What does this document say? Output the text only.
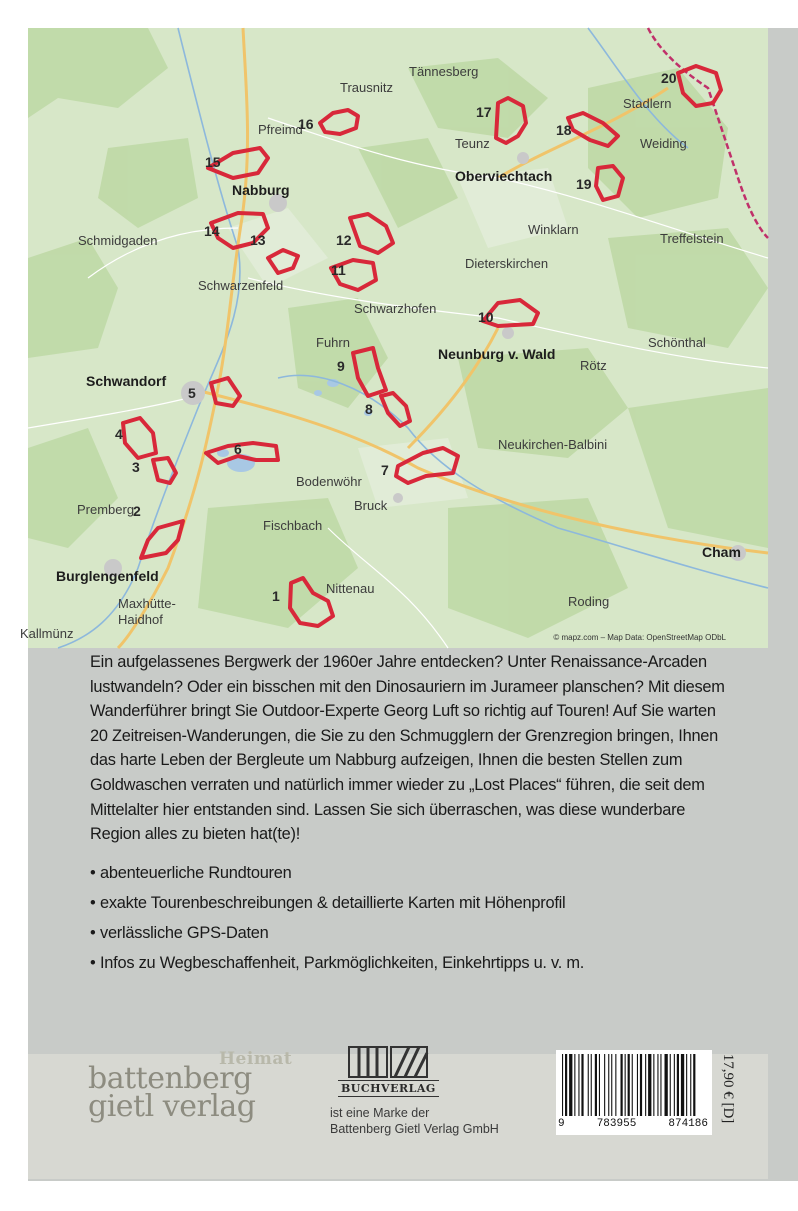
Tännesberg
Trausnitz
Stadlern
Pfreimd
Teunz	Weiding
Oberviechtach
Nabburg
Winklarn
Treffelstein
Schmidgaden
Dieterskirchen
Schwarzenfeld
Schwarzhofen
Fuhrn
Neunburg v. Wald
Schönthal
Rötz
Schwandorf
Neukirchen-Balbini
Bodenwöhr
Bruck
Premberg
Fischbach
Cham
Burglengenfeld
Nittenau
Maxhütte-
Haidhof
Roding
Kallmünz
1
2
3
4
5
6
7
8
9
10
11
12
13
14
15
16
17
18
19
20
© mapz.com – Map Data: OpenStreetMap ODbL

Ein aufgelassenes Bergwerk der 1960er Jahre entdecken? Unter Renaissance-Arcaden lustwandeln? Oder ein bisschen mit den Dinosauriern im Jurameer planschen? Mit diesem Wanderführer bringt Sie Outdoor-Experte Georg Luft so richtig auf Touren! Auf Sie warten 20 Zeitreisen-Wanderungen, die Sie zu den Schmugglern der Grenzregion bringen, Ihnen das harte Leben der Bergleute um Nabburg aufzeigen, Ihnen die besten Stellen zum Goldwaschen verraten und natürlich immer wieder zu „Lost Places“ führen, die seit dem Mittelalter hier entstanden sind. Lassen Sie sich überraschen, was diese wunderbare Region alles zu bieten hat(te)!

• abenteuerliche Rundtouren
• exakte Tourenbeschreibungen & detaillierte Karten mit Höhenprofil
• verlässliche GPS-Daten
• Infos zu Wegbeschaffenheit, Parkmöglichkeiten, Einkehrtipps u. v. m.
Heimat
battenberg
gietl verlag
BUCHVERLAG
ist eine Marke der
Battenberg Gietl Verlag GmbH	9	783955	874186
17,90 € [D]
